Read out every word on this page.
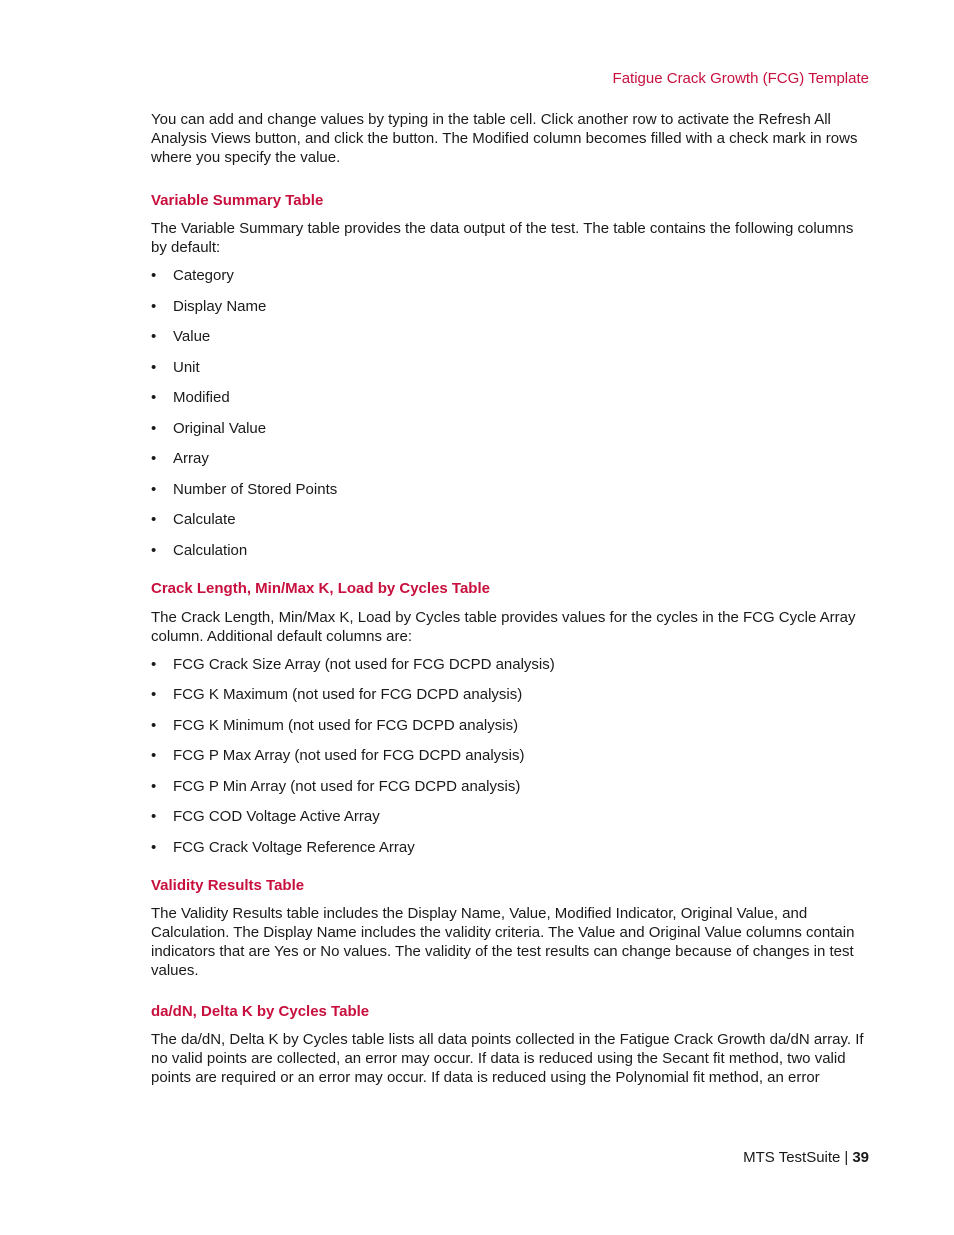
Fatigue Crack Growth (FCG) Template

You can add and change values by typing in the table cell. Click another row to activate the Refresh All Analysis Views button, and click the button. The Modified column becomes filled with a check mark in rows where you specify the value.

Variable Summary Table

The Variable Summary table provides the data output of the test. The table contains the following columns by default:

• Category
• Display Name
• Value
• Unit
• Modified
• Original Value
• Array
• Number of Stored Points
• Calculate
• Calculation
Crack Length, Min/Max K, Load by Cycles Table

The Crack Length, Min/Max K, Load by Cycles table provides values for the cycles in the FCG Cycle Array column. Additional default columns are:

• FCG Crack Size Array (not used for FCG DCPD analysis)
• FCG K Maximum (not used for FCG DCPD analysis)
• FCG K Minimum (not used for FCG DCPD analysis)
• FCG P Max Array (not used for FCG DCPD analysis)
• FCG P Min Array (not used for FCG DCPD analysis)
• FCG COD Voltage Active Array
• FCG Crack Voltage Reference Array
Validity Results Table

The Validity Results table includes the Display Name, Value, Modified Indicator, Original Value, and Calculation. The Display Name includes the validity criteria. The Value and Original Value columns contain indicators that are Yes or No values. The validity of the test results can change because of changes in test values.

da/dN, Delta K by Cycles Table

The da/dN, Delta K by Cycles table lists all data points collected in the Fatigue Crack Growth da/dN array. If no valid points are collected, an error may occur. If data is reduced using the Secant fit method, two valid points are required or an error may occur. If data is reduced using the Polynomial fit method, an error

MTS TestSuite | 39
